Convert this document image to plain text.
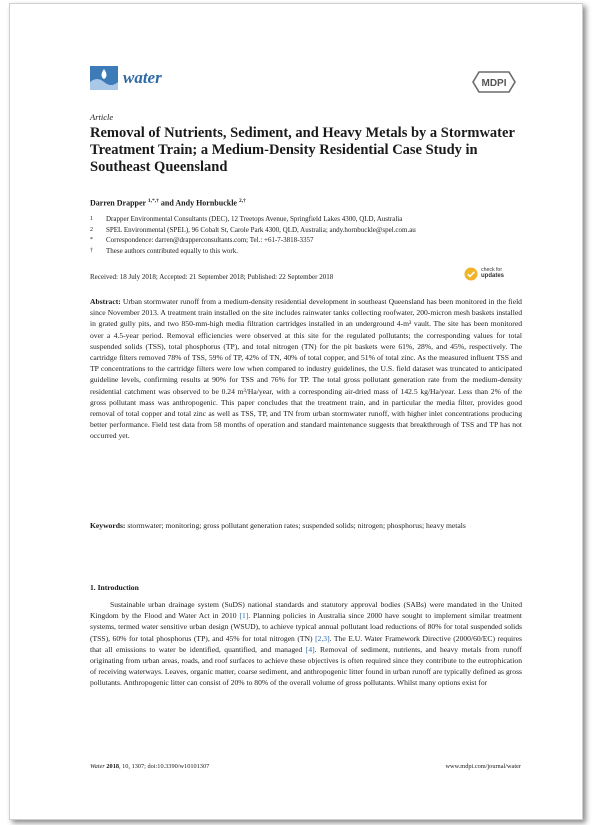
water	MDPI
Article
Removal of Nutrients, Sediment, and Heavy Metals by a Stormwater Treatment Train; a Medium-Density Residential Case Study in Southeast Queensland
Darren Drapper $^{1,*,\dagger}$ and Andy Hornbuckle $^{2,\dagger}$
1	Drapper Environmental Consultants (DEC), 12 Treetops Avenue, Springfield Lakes 4300, QLD, Australia
2	SPEL Environmental (SPEL), 96 Cobalt St, Carole Park 4300, QLD, Australia; andy.hornbuckle@spel.com.au
*	Correspondence: darren@drapperconsultants.com; Tel.: +61-7-3818-3357
†	These authors contributed equally to this work.
Received: 18 July 2018; Accepted: 21 September 2018; Published: 22 September 2018
check for
updates

Abstract: Urban stormwater runoff from a medium-density residential development in southeast Queensland has been monitored in the field since November 2013. A treatment train installed on the site includes rainwater tanks collecting roofwater, 200-micron mesh baskets installed in grated gully pits, and two 850-mm-high media filtration cartridges installed in an underground 4-m³ vault. The site has been monitored over a 4.5-year period. Removal efficiencies were observed at this site for the regulated pollutants; the corresponding values for total suspended solids (TSS), total phosphorus (TP), and total nitrogen (TN) for the pit baskets were 61%, 28%, and 45%, respectively. The cartridge filters removed 78% of TSS, 59% of TP, 42% of TN, 40% of total copper, and 51% of total zinc. As the measured influent TSS and TP concentrations to the cartridge filters were low when compared to industry guidelines, the U.S. field dataset was truncated to anticipated guideline levels, confirming results at 90% for TSS and 76% for TP. The total gross pollutant generation rate from the medium-density residential catchment was observed to be 0.24 m³/Ha/year, with a corresponding air-dried mass of 142.5 kg/Ha/year. Less than 2% of the gross pollutant mass was anthropogenic. This paper concludes that the treatment train, and in particular the media filter, provides good removal of total copper and total zinc as well as TSS, TP, and TN from urban stormwater runoff, with higher inlet concentrations producing better performance. Field test data from 58 months of operation and standard maintenance suggests that breakthrough of TSS and TP has not occurred yet.

Keywords: stormwater; monitoring; gross pollutant generation rates; suspended solids; nitrogen; phosphorus; heavy metals

1. Introduction

Sustainable urban drainage system (SuDS) national standards and statutory approval bodies (SABs) were mandated in the United Kingdom by the Flood and Water Act in 2010 [1]. Planning policies in Australia since 2000 have sought to implement similar treatment systems, termed water sensitive urban design (WSUD), to achieve typical annual pollutant load reductions of 80% for total suspended solids (TSS), 60% for total phosphorus (TP), and 45% for total nitrogen (TN) [2,3]. The E.U. Water Framework Directive (2000/60/EC) requires that all emissions to water be identified, quantified, and managed [4]. Removal of sediment, nutrients, and heavy metals from runoff originating from urban areas, roads, and roof surfaces to achieve these objectives is often required since they contribute to the eutrophication of receiving waterways. Leaves, organic matter, coarse sediment, and anthropogenic litter found in urban runoff are typically defined as gross pollutants. Anthropogenic litter can consist of 20% to 80% of the overall volume of gross pollutants. Whilst many options exist for

Water 2018, 10, 1307; doi:10.3390/w10101307	www.mdpi.com/journal/water
